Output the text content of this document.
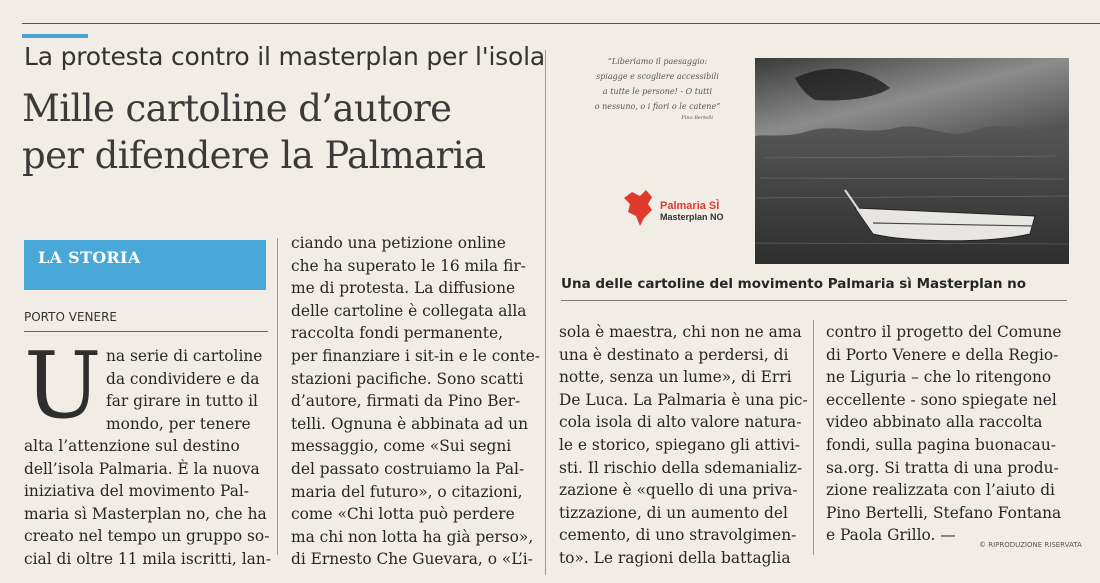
La protesta contro il masterplan per l'isola
Mille cartoline d’autore
per difendere la Palmaria
LA STORIA
PORTO VENERE
U na serie di cartoline
da condividere e da
far girare in tutto il
mondo, per tenere
alta l’attenzione sul destino
dell’isola Palmaria. È la nuova
iniziativa del movimento Pal-
maria sì Masterplan no, che ha
creato nel tempo un gruppo so-
cial di oltre 11 mila iscritti, lan-
ciando una petizione online
che ha superato le 16 mila fir-
me di protesta. La diffusione
delle cartoline è collegata alla
raccolta fondi permanente,
per finanziare i sit-in e le conte-
stazioni pacifiche. Sono scatti
d’autore, firmati da Pino Ber-
telli. Ognuna è abbinata ad un
messaggio, come «Sui segni
del passato costruiamo la Pal-
maria del futuro», o citazioni,
come «Chi lotta può perdere
ma chi non lotta ha già perso»,
di Ernesto Che Guevara, o «L’i-
“Liberiamo il paesaggio:
spiagge e scogliere accessibili
a tutte le persone! - O tutti
o nessuno, o i fiori o le catene”
Pino Bertelli
Palmaria SÌ
Masterplan NO
Una delle cartoline del movimento Palmaria sì Masterplan no
sola è maestra, chi non ne ama
una è destinato a perdersi, di
notte, senza un lume», di Erri
De Luca. La Palmaria è una pic-
cola isola di alto valore natura-
le e storico, spiegano gli attivi-
sti. Il rischio della sdemanializ-
zazione è «quello di una priva-
tizzazione, di un aumento del
cemento, di uno stravolgimen-
to». Le ragioni della battaglia
contro il progetto del Comune
di Porto Venere e della Regio-
ne Liguria – che lo ritengono
eccellente - sono spiegate nel
video abbinato alla raccolta
fondi, sulla pagina buonacau-
sa.org. Si tratta di una produ-
zione realizzata con l’aiuto di
Pino Bertelli, Stefano Fontana
e Paola Grillo. —
© RIPRODUZIONE RISERVATA
